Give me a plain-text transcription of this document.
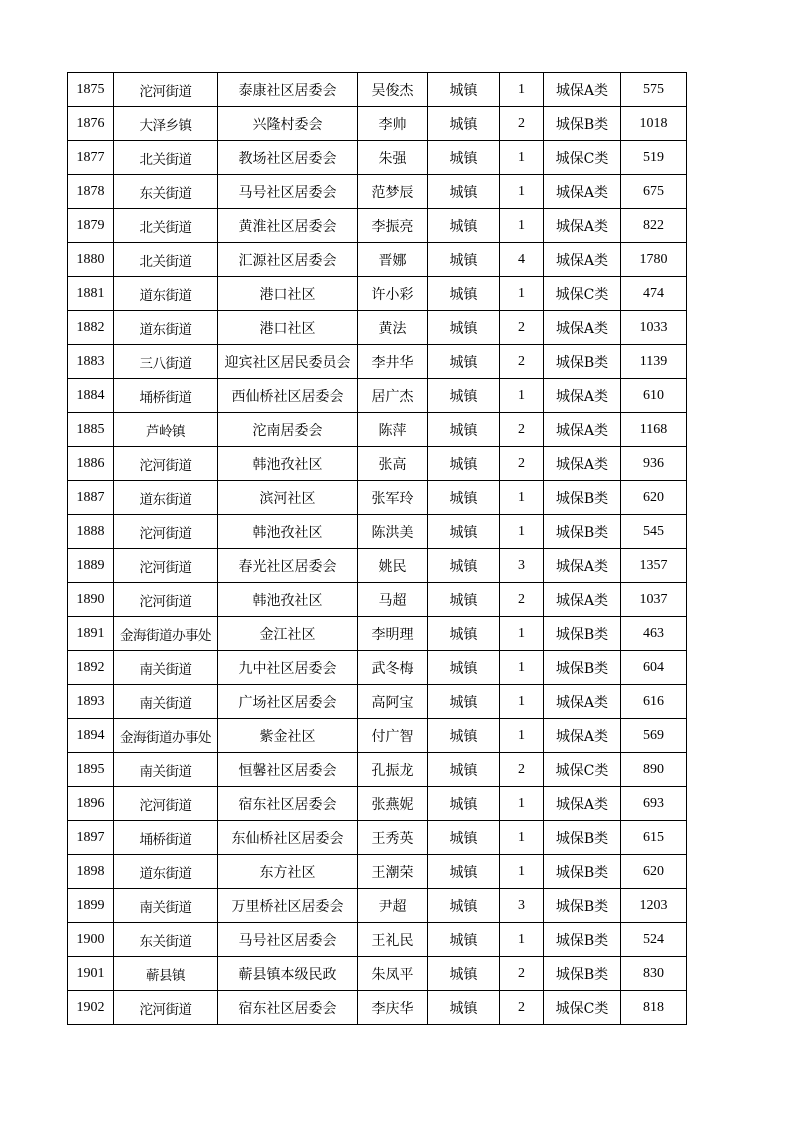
1875	沱河街道	泰康社区居委会	吴俊杰	城镇	1	城保A类	575
1876	大泽乡镇	兴隆村委会	李帅	城镇	2	城保B类	1018
1877	北关街道	教场社区居委会	朱强	城镇	1	城保C类	519
1878	东关街道	马号社区居委会	范梦辰	城镇	1	城保A类	675
1879	北关街道	黄淮社区居委会	李振亮	城镇	1	城保A类	822
1880	北关街道	汇源社区居委会	晋娜	城镇	4	城保A类	1780
1881	道东街道	港口社区	许小彩	城镇	1	城保C类	474
1882	道东街道	港口社区	黄法	城镇	2	城保A类	1033
1883	三八街道	迎宾社区居民委员会	李井华	城镇	2	城保B类	1139
1884	埇桥街道	西仙桥社区居委会	居广杰	城镇	1	城保A类	610
1885	芦岭镇	沱南居委会	陈萍	城镇	2	城保A类	1168
1886	沱河街道	韩池孜社区	张高	城镇	2	城保A类	936
1887	道东街道	滨河社区	张军玲	城镇	1	城保B类	620
1888	沱河街道	韩池孜社区	陈洪美	城镇	1	城保B类	545
1889	沱河街道	春光社区居委会	姚民	城镇	3	城保A类	1357
1890	沱河街道	韩池孜社区	马超	城镇	2	城保A类	1037
1891	金海街道办事处	金江社区	李明理	城镇	1	城保B类	463
1892	南关街道	九中社区居委会	武冬梅	城镇	1	城保B类	604
1893	南关街道	广场社区居委会	高阿宝	城镇	1	城保A类	616
1894	金海街道办事处	紫金社区	付广智	城镇	1	城保A类	569
1895	南关街道	恒馨社区居委会	孔振龙	城镇	2	城保C类	890
1896	沱河街道	宿东社区居委会	张燕妮	城镇	1	城保A类	693
1897	埇桥街道	东仙桥社区居委会	王秀英	城镇	1	城保B类	615
1898	道东街道	东方社区	王潮荣	城镇	1	城保B类	620
1899	南关街道	万里桥社区居委会	尹超	城镇	3	城保B类	1203
1900	东关街道	马号社区居委会	王礼民	城镇	1	城保B类	524
1901	蕲县镇	蕲县镇本级民政	朱凤平	城镇	2	城保B类	830
1902	沱河街道	宿东社区居委会	李庆华	城镇	2	城保C类	818
